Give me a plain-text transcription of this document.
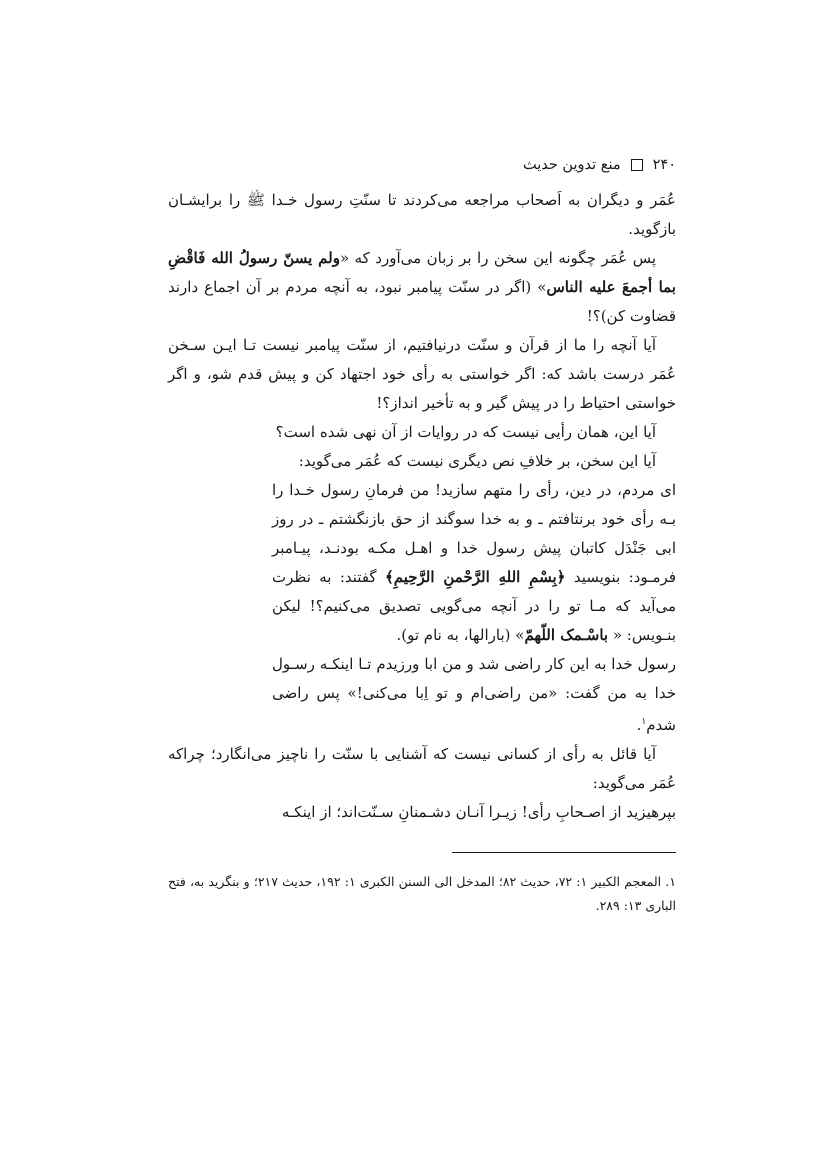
۲۴۰
منع تدوین حدیث

عُمَر و دیگران به اَصحاب مراجعه می‌کردند تا سنّتِ رسول خـدا ﷺ را برایشـان بازگوید.

پس عُمَر چگونه این سخن را بر زبان می‌آورد که «ولم یسنّ رسولُ الله فَاقْضِ بما أجمعَ علیه الناس» (اگر در سنّت پیامبر نبود، به آنچه مردم بر آن اجماع دارند قضاوت کن)؟!

آیا آنچه را ما از قرآن و سنّت درنیافتیم، از سنّت پیامبر نیست تـا ایـن سـخن عُمَر درست باشد که: اگر خواستی به رأی خود اجتهاد کن و پیش قدم شو، و اگر خواستی احتیاط را در پیش گیر و به تأخیر انداز؟!

آیا این، همان رأیی نیست که در روایات از آن نهی شده است؟

آیا این سخن، بر خلافِ نص دیگری نیست که عُمَر می‌گوید:

ای مردم، در دین، رأی را متهم سازید! من فرمانِ رسول خـدا را بـه رأی خود برنتافتم ـ و به خدا سوگند از حق بازنگشتم ـ در روز ابی جَنْدَل کاتبان پیش رسول خدا و اهـل مکـه بودنـد، پیـامبر فرمـود: بنویسید ﴿بِسْمِ اللهِ الرَّحْمنِ الرَّحِیمِ﴾ گفتند: به نظرت می‌آید که مـا تو را در آنچه می‌گویی تصدیق می‌کنیم؟! لیکن بنـویس: « باسْـمک اللّهمّ» (بارالها، به نام تو).

رسول خدا به این کار راضی شد و من ابا ورزیدم تـا اینکـه رسـول خدا به من گفت: «من راضی‌ام و تو اِبا می‌کنی!» پس راضی شدم$^۱$.

آیا قائل به رأی از کسانی نیست که آشنایی با سنّت را ناچیز می‌انگارد؛ چراکه عُمَر می‌گوید:

بپرهیزید از اصـحابِ رأی! زیـرا آنـان دشـمنانِ سـنّت‌اند؛ از اینکـه

۱. المعجم الکبیر ۱: ۷۲، حدیث ۸۲؛ المدخل الی السنن الکبری ۱: ۱۹۲، حدیث ۲۱۷؛ و بنگرید به، فتح الباری ۱۳: ۲۸۹.
